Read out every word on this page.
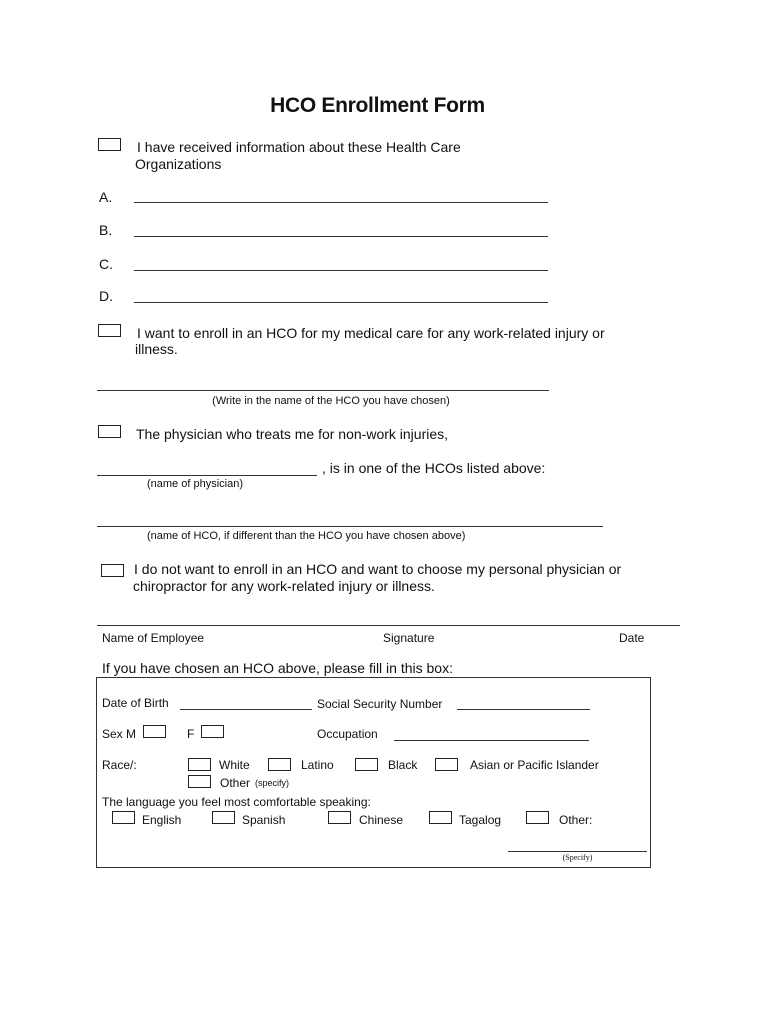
HCO Enrollment Form
I have received information about these Health Care
Organizations
A.
B.
C.
D.
I want to enroll in an HCO for my medical care for any work-related injury or
illness.
(Write in the name of the HCO you have chosen)
The physician who treats me for non-work injuries,
, is in one of the HCOs listed above:
(name of physician)
(name of HCO, if different than the HCO you have chosen above)
I do not want to enroll in an HCO and want to choose my personal physician or
chiropractor for any work-related injury or illness.
Name of Employee	Signature	Date
If you have chosen an HCO above, please fill in this box:
Date of Birth	Social Security Number
Sex M	F	Occupation
Race/:	White	Latino	Black	Asian or Pacific Islander
Other (specify)
The language you feel most comfortable speaking:
English	Spanish	Chinese	Tagalog	Other:
(Specify)
